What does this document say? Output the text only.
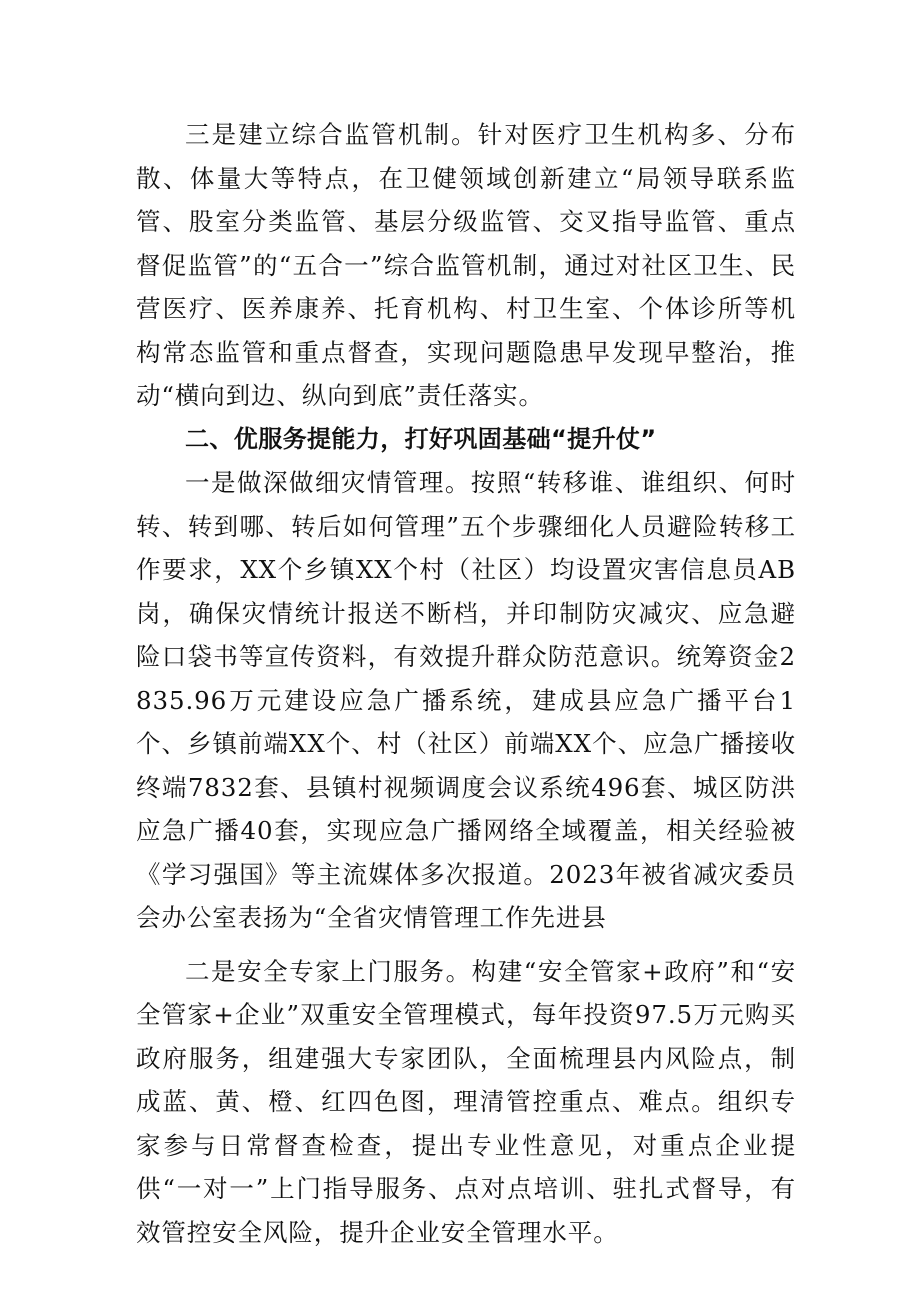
三是建立综合监管机制。针对医疗卫生机构多、分布散、体量大等特点，在卫健领域创新建立“局领导联系监管、股室分类监管、基层分级监管、交叉指导监管、重点督促监管”的“五合一”综合监管机制，通过对社区卫生、民营医疗、医养康养、托育机构、村卫生室、个体诊所等机构常态监管和重点督查，实现问题隐患早发现早整治，推动“横向到边、纵向到底”责任落实。

二、优服务提能力，打好巩固基础“提升仗”

一是做深做细灾情管理。按照“转移谁、谁组织、何时转、转到哪、转后如何管理”五个步骤细化人员避险转移工作要求，XX个乡镇XX个村（社区）均设置灾害信息员AB岗，确保灾情统计报送不断档，并印制防灾减灾、应急避险口袋书等宣传资料，有效提升群众防范意识。统筹资金2835.96万元建设应急广播系统，建成县应急广播平台1个、乡镇前端XX个、村（社区）前端XX个、应急广播接收终端7832套、县镇村视频调度会议系统496套、城区防洪应急广播40套，实现应急广播网络全域覆盖，相关经验被《学习强国》等主流媒体多次报道。2023年被省减灾委员会办公室表扬为“全省灾情管理工作先进县

二是安全专家上门服务。构建“安全管家+政府”和“安全管家+企业”双重安全管理模式，每年投资97.5万元购买政府服务，组建强大专家团队，全面梳理县内风险点，制成蓝、黄、橙、红四色图，理清管控重点、难点。组织专家参与日常督查检查，提出专业性意见，对重点企业提供“一对一”上门指导服务、点对点培训、驻扎式督导，有效管控安全风险，提升企业安全管理水平。
